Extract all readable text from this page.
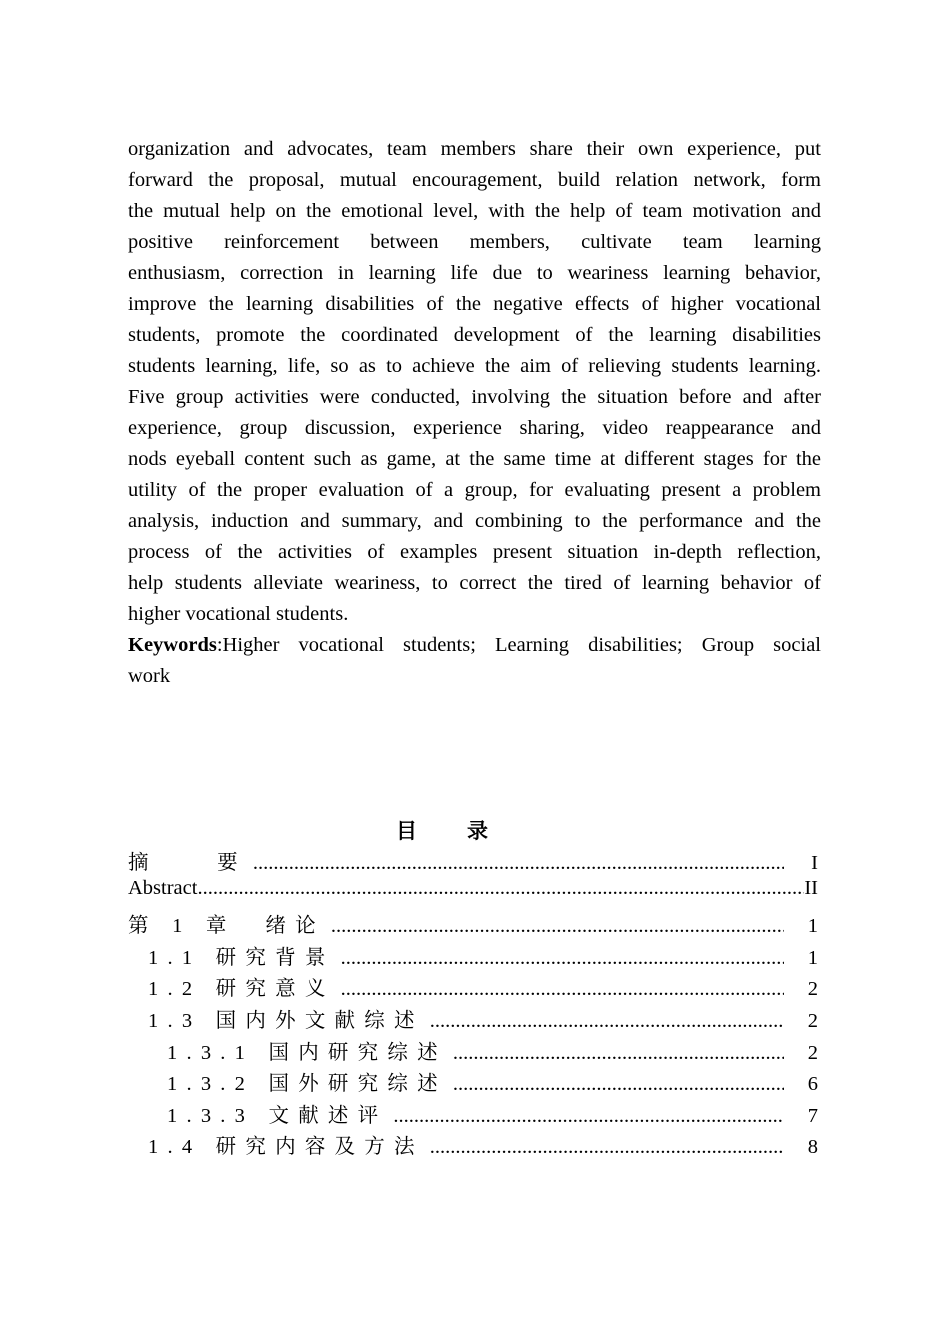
organization and advocates, team members share their own experience, put
forward the proposal, mutual encouragement, build relation network, form
the mutual help on the emotional level, with the help of team motivation and
positive reinforcement between members, cultivate team learning
enthusiasm, correction in learning life due to weariness learning behavior,
improve the learning disabilities of the negative effects of higher vocational
students, promote the coordinated development of the learning disabilities
students learning, life, so as to achieve the aim of relieving students learning.
Five group activities were conducted, involving the situation before and after
experience, group discussion, experience sharing, video reappearance and
nods eyeball content such as game, at the same time at different stages for the
utility of the proper evaluation of a group, for evaluating present a problem
analysis, induction and summary, and combining to the performance and the
process of the activities of examples present situation in-depth reflection,
help students alleviate weariness, to correct the tired of learning behavior of
higher vocational students.
Keywords:Higher vocational students; Learning disabilities; Group social
work
目录
摘　　要 .....	I
Abstract .....	II
第 1 章　绪论 .....	1
1.1 研究背景 .....	1
1.2 研究意义 .....	2
1.3 国内外文献综述 .....	2
1.3.1 国内研究综述 .....	2
1.3.2 国外研究综述 .....	6
1.3.3 文献述评 .....	7
1.4 研究内容及方法 .....	8
